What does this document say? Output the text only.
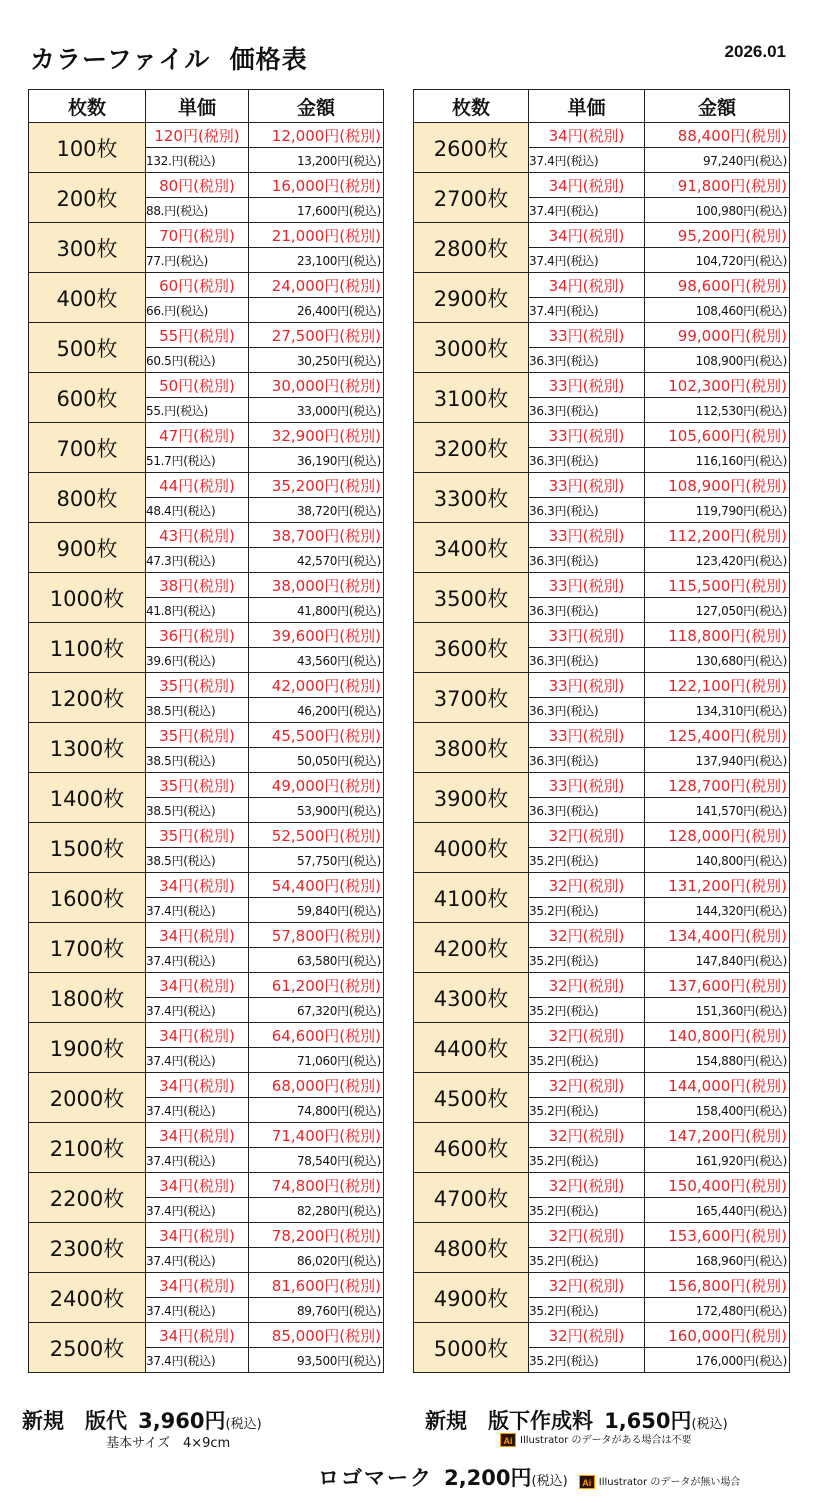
カラーファイル  価格表	2026.01
枚数	単価	金額
100枚	120円(税別)	12,000円(税別)
	132.円(税込)	13,200円(税込)
200枚	80円(税別)	16,000円(税別)
	88.円(税込)	17,600円(税込)
300枚	70円(税別)	21,000円(税別)
	77.円(税込)	23,100円(税込)
400枚	60円(税別)	24,000円(税別)
	66.円(税込)	26,400円(税込)
500枚	55円(税別)	27,500円(税別)
	60.5円(税込)	30,250円(税込)
600枚	50円(税別)	30,000円(税別)
	55.円(税込)	33,000円(税込)
700枚	47円(税別)	32,900円(税別)
	51.7円(税込)	36,190円(税込)
800枚	44円(税別)	35,200円(税別)
	48.4円(税込)	38,720円(税込)
900枚	43円(税別)	38,700円(税別)
	47.3円(税込)	42,570円(税込)
1000枚	38円(税別)	38,000円(税別)
	41.8円(税込)	41,800円(税込)
1100枚	36円(税別)	39,600円(税別)
	39.6円(税込)	43,560円(税込)
1200枚	35円(税別)	42,000円(税別)
	38.5円(税込)	46,200円(税込)
1300枚	35円(税別)	45,500円(税別)
	38.5円(税込)	50,050円(税込)
1400枚	35円(税別)	49,000円(税別)
	38.5円(税込)	53,900円(税込)
1500枚	35円(税別)	52,500円(税別)
	38.5円(税込)	57,750円(税込)
1600枚	34円(税別)	54,400円(税別)
	37.4円(税込)	59,840円(税込)
1700枚	34円(税別)	57,800円(税別)
	37.4円(税込)	63,580円(税込)
1800枚	34円(税別)	61,200円(税別)
	37.4円(税込)	67,320円(税込)
1900枚	34円(税別)	64,600円(税別)
	37.4円(税込)	71,060円(税込)
2000枚	34円(税別)	68,000円(税別)
	37.4円(税込)	74,800円(税込)
2100枚	34円(税別)	71,400円(税別)
	37.4円(税込)	78,540円(税込)
2200枚	34円(税別)	74,800円(税別)
	37.4円(税込)	82,280円(税込)
2300枚	34円(税別)	78,200円(税別)
	37.4円(税込)	86,020円(税込)
2400枚	34円(税別)	81,600円(税別)
	37.4円(税込)	89,760円(税込)
2500枚	34円(税別)	85,000円(税別)
	37.4円(税込)	93,500円(税込)
枚数	単価	金額
2600枚	34円(税別)	88,400円(税別)
	37.4円(税込)	97,240円(税込)
2700枚	34円(税別)	91,800円(税別)
	37.4円(税込)	100,980円(税込)
2800枚	34円(税別)	95,200円(税別)
	37.4円(税込)	104,720円(税込)
2900枚	34円(税別)	98,600円(税別)
	37.4円(税込)	108,460円(税込)
3000枚	33円(税別)	99,000円(税別)
	36.3円(税込)	108,900円(税込)
3100枚	33円(税別)	102,300円(税別)
	36.3円(税込)	112,530円(税込)
3200枚	33円(税別)	105,600円(税別)
	36.3円(税込)	116,160円(税込)
3300枚	33円(税別)	108,900円(税別)
	36.3円(税込)	119,790円(税込)
3400枚	33円(税別)	112,200円(税別)
	36.3円(税込)	123,420円(税込)
3500枚	33円(税別)	115,500円(税別)
	36.3円(税込)	127,050円(税込)
3600枚	33円(税別)	118,800円(税別)
	36.3円(税込)	130,680円(税込)
3700枚	33円(税別)	122,100円(税別)
	36.3円(税込)	134,310円(税込)
3800枚	33円(税別)	125,400円(税別)
	36.3円(税込)	137,940円(税込)
3900枚	33円(税別)	128,700円(税別)
	36.3円(税込)	141,570円(税込)
4000枚	32円(税別)	128,000円(税別)
	35.2円(税込)	140,800円(税込)
4100枚	32円(税別)	131,200円(税別)
	35.2円(税込)	144,320円(税込)
4200枚	32円(税別)	134,400円(税別)
	35.2円(税込)	147,840円(税込)
4300枚	32円(税別)	137,600円(税別)
	35.2円(税込)	151,360円(税込)
4400枚	32円(税別)	140,800円(税別)
	35.2円(税込)	154,880円(税込)
4500枚	32円(税別)	144,000円(税別)
	35.2円(税込)	158,400円(税込)
4600枚	32円(税別)	147,200円(税別)
	35.2円(税込)	161,920円(税込)
4700枚	32円(税別)	150,400円(税別)
	35.2円(税込)	165,440円(税込)
4800枚	32円(税別)	153,600円(税別)
	35.2円(税込)	168,960円(税込)
4900枚	32円(税別)	156,800円(税別)
	35.2円(税込)	172,480円(税込)
5000枚	32円(税別)	160,000円(税別)
	35.2円(税込)	176,000円(税込)
新規　版代 3,960円(税込)
基本サイズ　4×9cm
新規　版下作成料 1,650円(税込)
Ai Illustrator のデータがある場合は不要
ロゴマーク 2,200円(税込) Ai Illustrator のデータが無い場合
